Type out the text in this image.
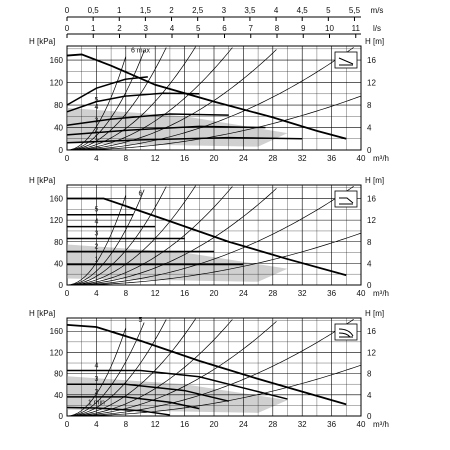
0 0,5 1 1,5 2 2,5 3 3,5 4 4,5 5 5,5 m/s
0	1	2	3	4	5	6	7	8	9 10 11 l/s
0	4	8	12	16	20	24	28	32	36	40
0
40
80
120
160
0
4
8
12
16
H [kPa]	H [m]
m³/h
6 max
5
4
3
2
1
0	4	8	12	16	20	24	28	32	36	40
0
40
80
120
160
0
4
8
12
16
H [kPa]	H [m]
m³/h
6
5
4
3
2
1
0	4	8	12	16	20	24	28	32	36	40
0
40
80
120
160
0
4
8
12
16
H [kPa]	H [m]
m³/h
5
4
3
2
1 min
